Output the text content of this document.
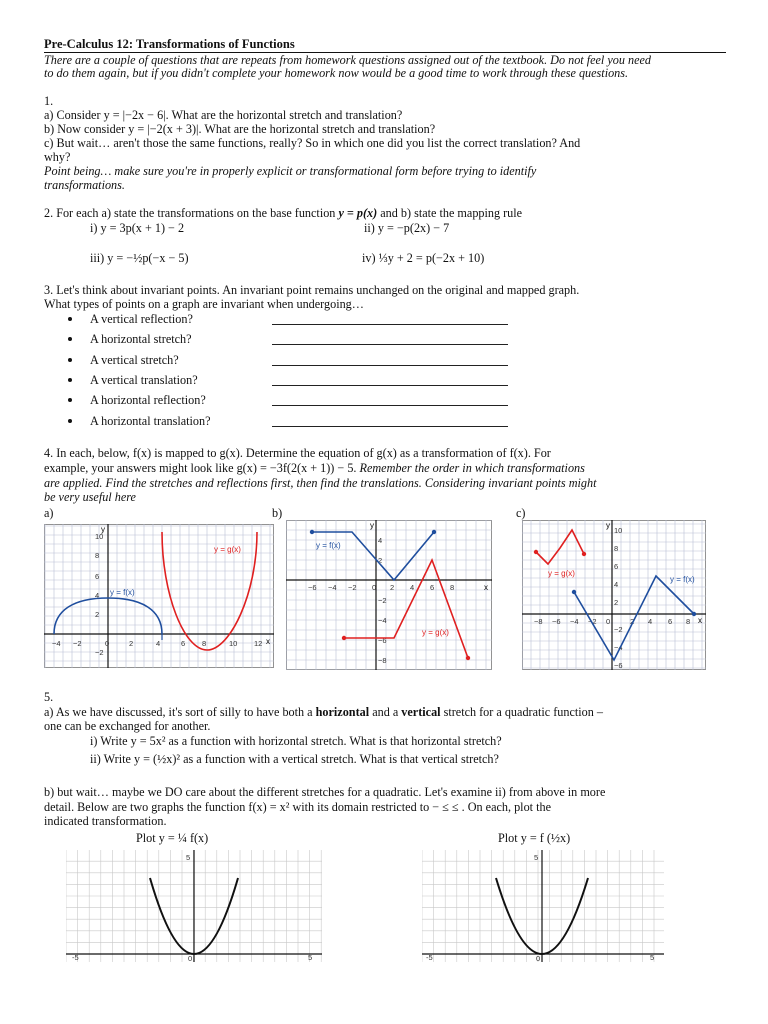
Pre-Calculus 12: Transformations of Functions
There are a couple of questions that are repeats from homework questions assigned out of the textbook. Do not feel you need
to do them again, but if you didn't complete your homework now would be a good time to work through these questions.
1.
a) Consider y = |−2x − 6|. What are the horizontal stretch and translation?
b) Now consider y = |−2(x + 3)|. What are the horizontal stretch and translation?
c) But wait… aren't those the same functions, really? So in which one did you list the correct translation? And
why?
Point being… make sure you're in properly explicit or transformational form before trying to identify
transformations.
2. For each a) state the transformations on the base function y = p(x) and b) state the mapping rule
i) y = 3p(x + 1) − 2	ii) y = −p(2x) − 7
iii) y = −½p(−x − 5)	iv) ⅓y + 2 = p(−2x + 10)
3. Let's think about invariant points. An invariant point remains unchanged on the original and mapped graph.
What types of points on a graph are invariant when undergoing…
A vertical reflection?
A horizontal stretch?
A vertical stretch?
A vertical translation?
A horizontal reflection?
A horizontal translation?
4. In each, below, f(x) is mapped to g(x). Determine the equation of g(x) as a transformation of f(x). For
example, your answers might look like g(x) = −3f(2(x + 1)) − 5. Remember the order in which transformations
are applied. Find the stretches and reflections first, then find the translations. Considering invariant points might
be very useful here
a)	b)	c)
−4 −2	0	2	4	6 8	10 12
10
8
6
4
2
−2
y
x
y = f(x)
y = g(x)
−6 −4 −2 0 2 4 6 8
4
2
−2
−4
−6
−8
y
x
y = f(x)
y = g(x)
−8 −6 −4 −2 0	2 4 6 8
10
8
6
4
2
−2
−4
−6
y
x
y = g(x)
y = f(x)
5.
a) As we have discussed, it's sort of silly to have both a horizontal and a vertical stretch for a quadratic function –
one can be exchanged for another.
i) Write y = 5x² as a function with horizontal stretch. What is that horizontal stretch?
ii) Write y = (½x)² as a function with a vertical stretch. What is that vertical stretch?
b) but wait… maybe we DO care about the different stretches for a quadratic. Let's examine ii) from above in more
detail. Below are two graphs the function f(x) = x² with its domain restricted to − ≤ ≤ . On each, plot the
indicated transformation.
Plot y = ¼ f(x)	Plot y = f (½x)
-5	5
5
0	-5	5
5
0
